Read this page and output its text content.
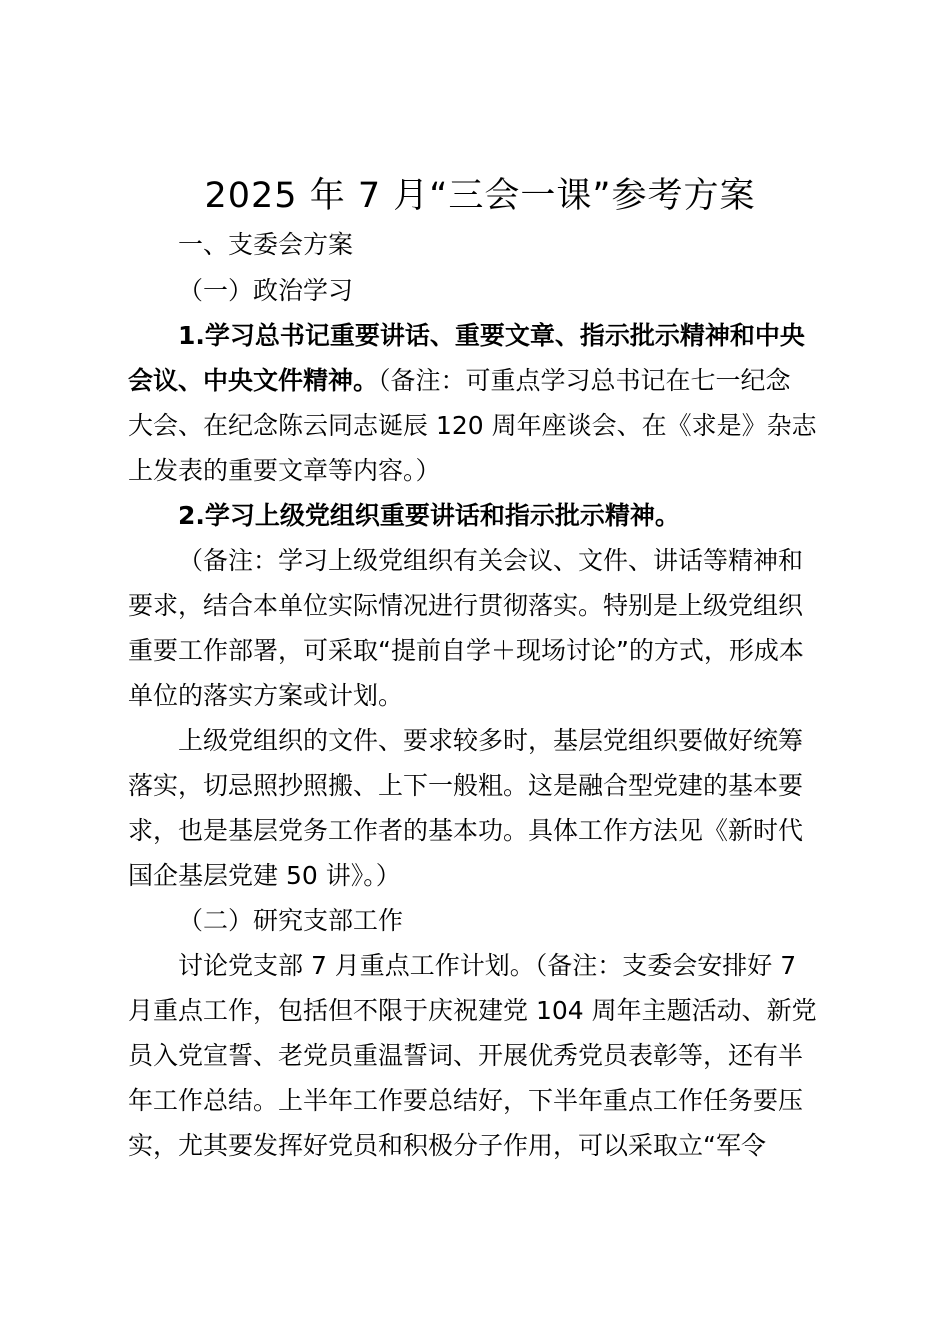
2025 年 7 月“三会一课”参考方案
一、支委会方案
（一）政治学习
1.学习总书记重要讲话、重要文章、指示批示精神和中央
会议、中央文件精神。（备注：可重点学习总书记在七一纪念
大会、在纪念陈云同志诞辰 120 周年座谈会、在《求是》杂志
上发表的重要文章等内容。）
2.学习上级党组织重要讲话和指示批示精神。
（备注：学习上级党组织有关会议、文件、讲话等精神和
要求，结合本单位实际情况进行贯彻落实。特别是上级党组织
重要工作部署，可采取“提前自学＋现场讨论”的方式，形成本
单位的落实方案或计划。
上级党组织的文件、要求较多时，基层党组织要做好统筹
落实，切忌照抄照搬、上下一般粗。这是融合型党建的基本要
求，也是基层党务工作者的基本功。具体工作方法见《新时代
国企基层党建 50 讲》。）
（二）研究支部工作
讨论党支部 7 月重点工作计划。（备注：支委会安排好 7
月重点工作，包括但不限于庆祝建党 104 周年主题活动、新党
员入党宣誓、老党员重温誓词、开展优秀党员表彰等，还有半
年工作总结。上半年工作要总结好，下半年重点工作任务要压
实，尤其要发挥好党员和积极分子作用，可以采取立“军令
